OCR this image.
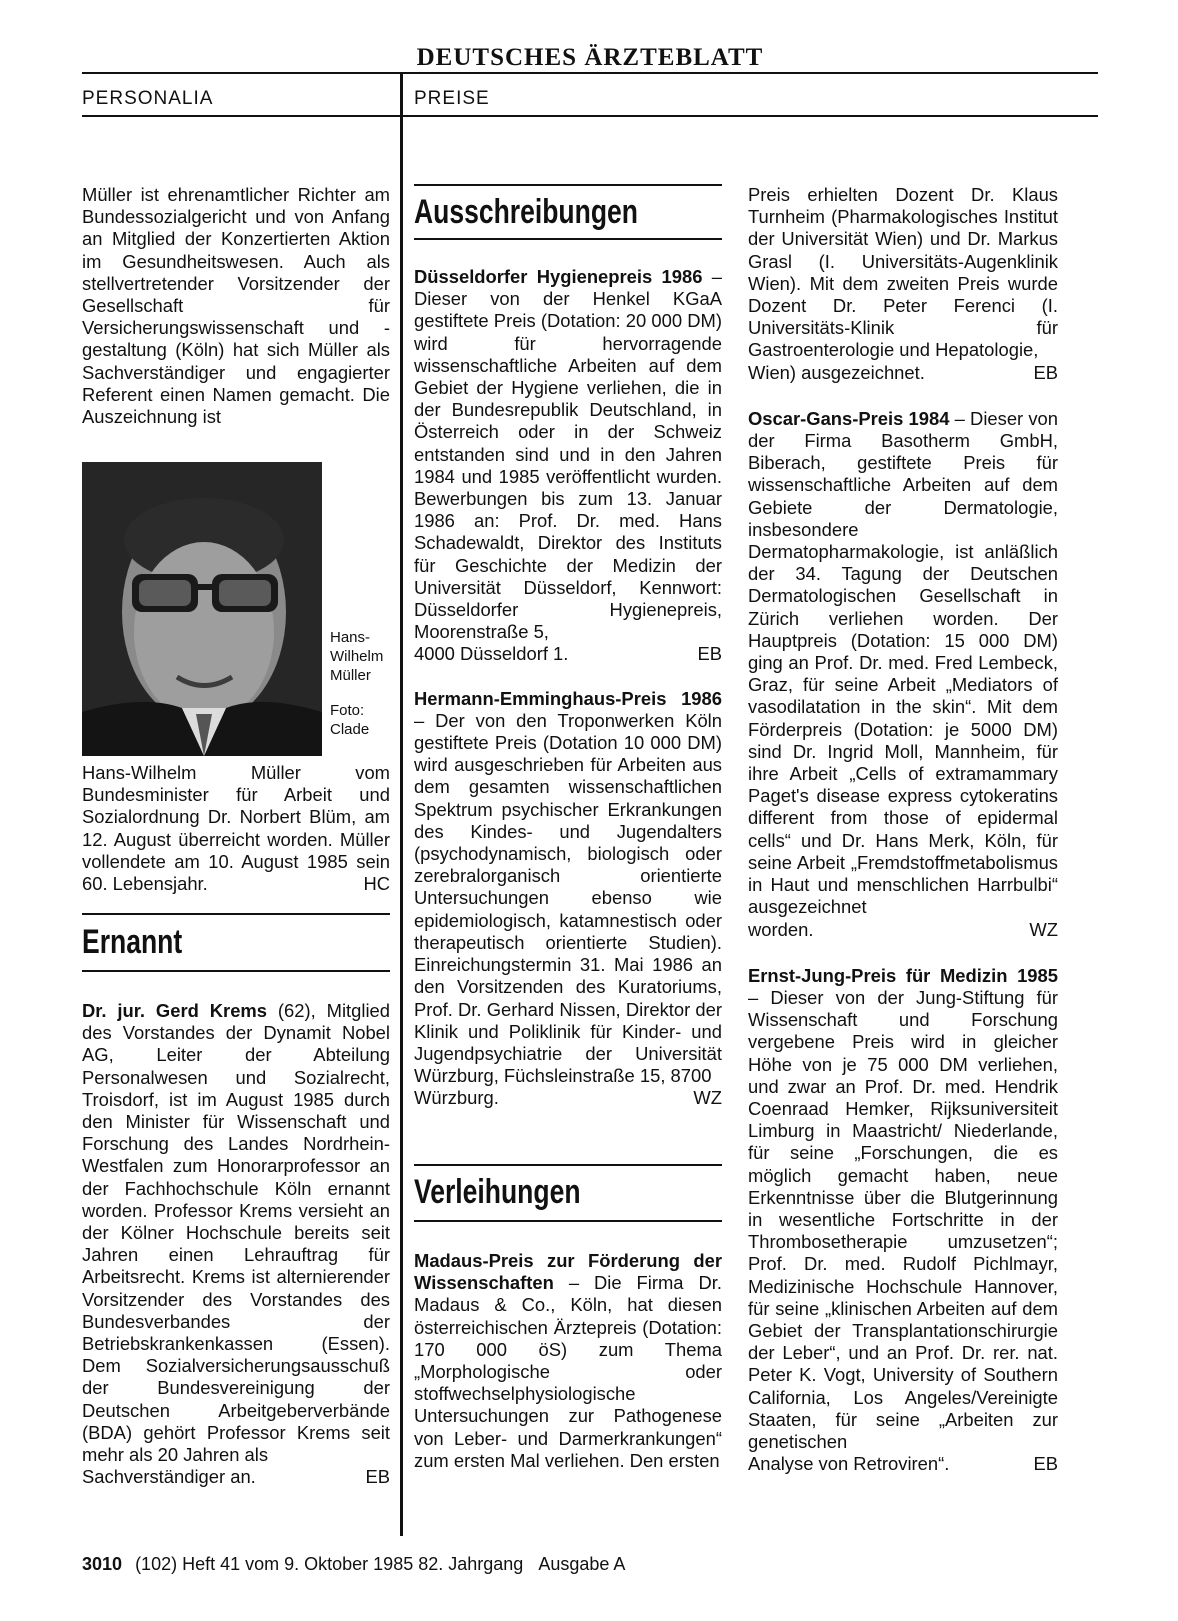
DEUTSCHES ÄRZTEBLATT
PERSONALIA	PREISE

Müller ist ehrenamtlicher Richter am Bundessozialgericht und von Anfang an Mitglied der Konzertierten Aktion im Gesundheitswesen. Auch als stellvertretender Vorsitzender der Gesellschaft für Versicherungswissenschaft und -gestaltung (Köln) hat sich Müller als Sachverständiger und engagierter Referent einen Namen gemacht. Die Auszeichnung ist

Hans-Wilhelm Müller
Foto: Clade

Hans-Wilhelm Müller vom Bundesminister für Arbeit und Sozialordnung Dr. Norbert Blüm, am 12. August überreicht worden. Müller vollendete am 10. August 1985 sein 60. Lebensjahr.	HC

Ernannt

Dr. jur. Gerd Krems (62), Mitglied des Vorstandes der Dynamit Nobel AG, Leiter der Abteilung Personalwesen und Sozialrecht, Troisdorf, ist im August 1985 durch den Minister für Wissenschaft und Forschung des Landes Nordrhein-Westfalen zum Honorarprofessor an der Fachhochschule Köln ernannt worden. Professor Krems versieht an der Kölner Hochschule bereits seit Jahren einen Lehrauftrag für Arbeitsrecht. Krems ist alternierender Vorsitzender des Vorstandes des Bundesverbandes der Betriebskrankenkassen (Essen). Dem Sozialversicherungsausschuß der Bundesvereinigung der Deutschen Arbeitgeberverbände (BDA) gehört Professor Krems seit mehr als 20 Jahren als

Sachverständiger an.	EB
Ausschreibungen

Düsseldorfer Hygienepreis 1986 – Dieser von der Henkel KGaA gestiftete Preis (Dotation: 20 000 DM) wird für hervorragende wissenschaftliche Arbeiten auf dem Gebiet der Hygiene verliehen, die in der Bundesrepublik Deutschland, in Österreich oder in der Schweiz entstanden sind und in den Jahren 1984 und 1985 veröffentlicht wurden. Bewerbungen bis zum 13. Januar 1986 an: Prof. Dr. med. Hans Schadewaldt, Direktor des Instituts für Geschichte der Medizin der Universität Düsseldorf, Kennwort: Düsseldorfer Hygienepreis, Moorenstraße 5,

4000 Düsseldorf 1.	EB

Hermann-Emminghaus-Preis 1986 – Der von den Troponwerken Köln gestiftete Preis (Dotation 10 000 DM) wird ausgeschrieben für Arbeiten aus dem gesamten wissenschaftlichen Spektrum psychischer Erkrankungen des Kindes- und Jugendalters (psychodynamisch, biologisch oder zerebralorganisch orientierte Untersuchungen ebenso wie epidemiologisch, katamnestisch oder therapeutisch orientierte Studien). Einreichungstermin 31. Mai 1986 an den Vorsitzenden des Kuratoriums, Prof. Dr. Gerhard Nissen, Direktor der Klinik und Poliklinik für Kinder- und Jugendpsychiatrie der Universität Würzburg, Füchsleinstraße 15, 8700

Würzburg.	WZ
Verleihungen

Madaus-Preis zur Förderung der Wissenschaften – Die Firma Dr. Madaus & Co., Köln, hat diesen österreichischen Ärztepreis (Dotation: 170 000 öS) zum Thema „Morphologische oder stoffwechselphysiologische Untersuchungen zur Pathogenese von Leber- und Darmerkrankungen“ zum ersten Mal verliehen. Den ersten

Preis erhielten Dozent Dr. Klaus Turnheim (Pharmakologisches Institut der Universität Wien) und Dr. Markus Grasl (I. Universitäts-Augenklinik Wien). Mit dem zweiten Preis wurde Dozent Dr. Peter Ferenci (I. Universitäts-Klinik für Gastroenterologie und Hepatologie,

Wien) ausgezeichnet.	EB

Oscar-Gans-Preis 1984 – Dieser von der Firma Basotherm GmbH, Biberach, gestiftete Preis für wissenschaftliche Arbeiten auf dem Gebiete der Dermatologie, insbesondere Dermatopharmakologie, ist anläßlich der 34. Tagung der Deutschen Dermatologischen Gesellschaft in Zürich verliehen worden. Der Hauptpreis (Dotation: 15 000 DM) ging an Prof. Dr. med. Fred Lembeck, Graz, für seine Arbeit „Mediators of vasodilatation in the skin“. Mit dem Förderpreis (Dotation: je 5000 DM) sind Dr. Ingrid Moll, Mannheim, für ihre Arbeit „Cells of extramammary Paget's disease express cytokeratins different from those of epidermal cells“ und Dr. Hans Merk, Köln, für seine Arbeit „Fremdstoffmetabolismus in Haut und menschlichen Harrbulbi“ ausgezeichnet

worden.	WZ

Ernst-Jung-Preis für Medizin 1985 – Dieser von der Jung-Stiftung für Wissenschaft und Forschung vergebene Preis wird in gleicher Höhe von je 75 000 DM verliehen, und zwar an Prof. Dr. med. Hendrik Coenraad Hemker, Rijksuniversiteit Limburg in Maastricht/ Niederlande, für seine „Forschungen, die es möglich gemacht haben, neue Erkenntnisse über die Blutgerinnung in wesentliche Fortschritte in der Thrombosetherapie umzusetzen“; Prof. Dr. med. Rudolf Pichlmayr, Medizinische Hochschule Hannover, für seine „klinischen Arbeiten auf dem Gebiet der Transplantationschirurgie der Leber“, und an Prof. Dr. rer. nat. Peter K. Vogt, University of Southern California, Los Angeles/Vereinigte Staaten, für seine „Arbeiten zur genetischen

Analyse von Retroviren“.	EB
3010 (102) Heft 41 vom 9. Oktober 1985 82. Jahrgang Ausgabe A
